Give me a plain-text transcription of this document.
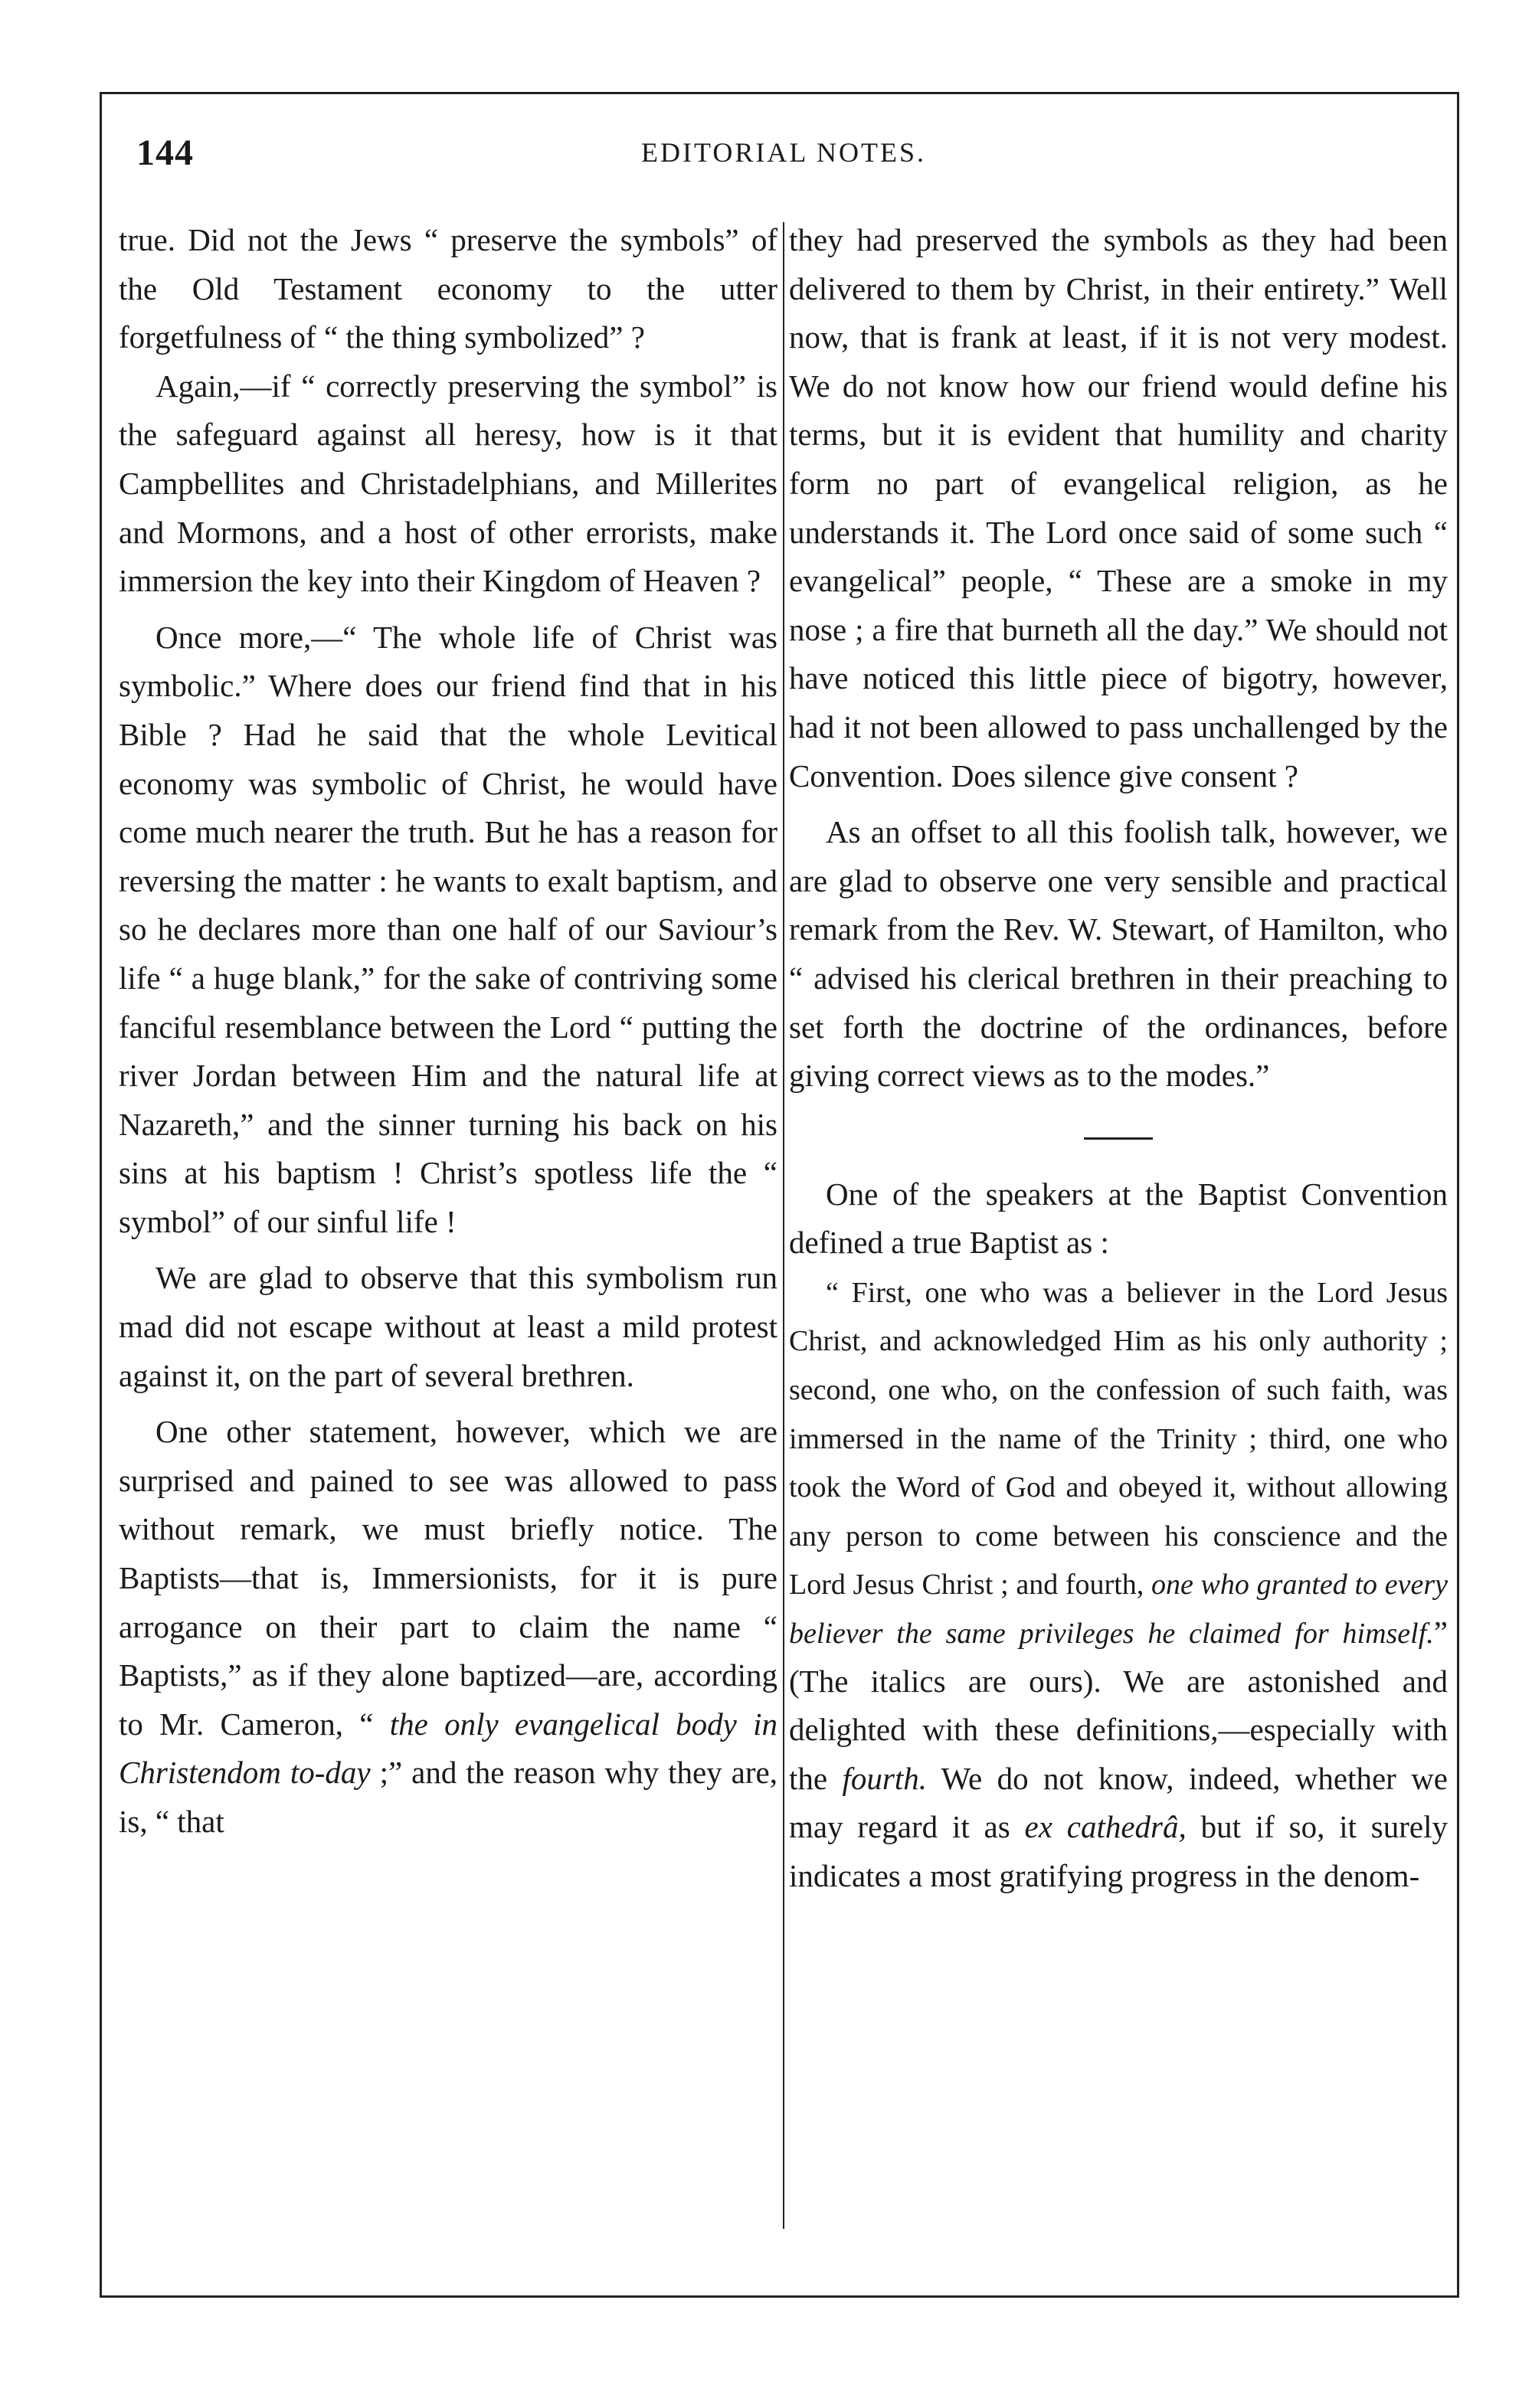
144	EDITORIAL NOTES.

true. Did not the Jews “ preserve the symbols” of the Old Testament economy to the utter forgetfulness of “ the thing symbolized” ?

Again,—if “ correctly preserving the symbol” is the safeguard against all heresy, how is it that Campbellites and Christadelphians, and Millerites and Mormons, and a host of other errorists, make immersion the key into their Kingdom of Heaven ?

Once more,—“ The whole life of Christ was symbolic.” Where does our friend find that in his Bible ? Had he said that the whole Levitical economy was symbolic of Christ, he would have come much nearer the truth. But he has a reason for reversing the matter : he wants to exalt baptism, and so he declares more than one half of our Saviour’s life “ a huge blank,” for the sake of contriving some fanciful resemblance between the Lord “ putting the river Jordan between Him and the natural life at Nazareth,” and the sinner turning his back on his sins at his baptism ! Christ’s spotless life the “ symbol” of our sinful life !

We are glad to observe that this symbolism run mad did not escape without at least a mild protest against it, on the part of several brethren.

One other statement, however, which we are surprised and pained to see was allowed to pass without remark, we must briefly notice. The Baptists—that is, Immersionists, for it is pure arrogance on their part to claim the name “ Baptists,” as if they alone baptized—are, according to Mr. Cameron, “ the only evangelical body in Christendom to-day ;” and the reason why they are, is, “ that

they had preserved the symbols as they had been delivered to them by Christ, in their entirety.” Well now, that is frank at least, if it is not very modest. We do not know how our friend would define his terms, but it is evident that humility and charity form no part of evangelical religion, as he understands it. The Lord once said of some such “ evangelical” people, “ These are a smoke in my nose ; a fire that burneth all the day.” We should not have noticed this little piece of bigotry, however, had it not been allowed to pass unchallenged by the Convention. Does silence give consent ?

As an offset to all this foolish talk, however, we are glad to observe one very sensible and practical remark from the Rev. W. Stewart, of Hamilton, who “ advised his clerical brethren in their preaching to set forth the doctrine of the ordinances, before giving correct views as to the modes.”

One of the speakers at the Baptist Convention defined a true Baptist as :

“ First, one who was a believer in the Lord Jesus Christ, and acknowledged Him as his only authority ; second, one who, on the confession of such faith, was immersed in the name of the Trinity ; third, one who took the Word of God and obeyed it, without allowing any person to come between his conscience and the Lord Jesus Christ ; and fourth, one who granted to every believer the same privileges he claimed for himself.” (The italics are ours). We are astonished and delighted with these definitions,—especially with the fourth. We do not know, indeed, whether we may regard it as ex cathedrâ, but if so, it surely indicates a most gratifying progress in the denom-
